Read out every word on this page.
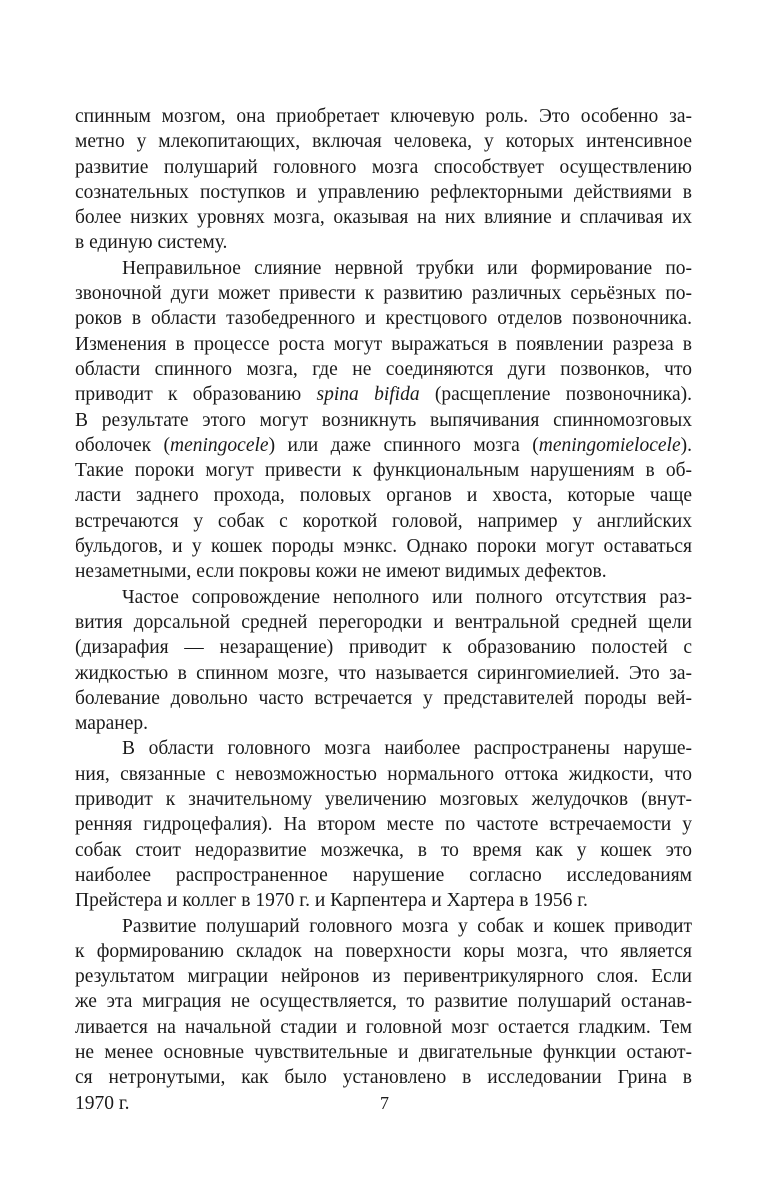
спинным мозгом, она приобретает ключевую роль. Это особенно за-
метно у млекопитающих, включая человека, у которых интенсивное
развитие полушарий головного мозга способствует осуществлению
сознательных поступков и управлению рефлекторными действиями в
более низких уровнях мозга, оказывая на них влияние и сплачивая их
в единую систему.
Неправильное слияние нервной трубки или формирование по-
звоночной дуги может привести к развитию различных серьёзных по-
роков в области тазобедренного и крестцового отделов позвоночника.
Изменения в процессе роста могут выражаться в появлении разреза в
области спинного мозга, где не соединяются дуги позвонков, что
приводит к образованию spina bifida (расщепление позвоночника).
В результате этого могут возникнуть выпячивания спинномозговых
оболочек (meningocele) или даже спинного мозга (meningomielocele).
Такие пороки могут привести к функциональным нарушениям в об-
ласти заднего прохода, половых органов и хвоста, которые чаще
встречаются у собак с короткой головой, например у английских
бульдогов, и у кошек породы мэнкс. Однако пороки могут оставаться
незаметными, если покровы кожи не имеют видимых дефектов.
Частое сопровождение неполного или полного отсутствия раз-
вития дорсальной средней перегородки и вентральной средней щели
(дизарафия — незаращение) приводит к образованию полостей с
жидкостью в спинном мозге, что называется сирингомиелией. Это за-
болевание довольно часто встречается у представителей породы вей-
маранер.
В области головного мозга наиболее распространены наруше-
ния, связанные с невозможностью нормального оттока жидкости, что
приводит к значительному увеличению мозговых желудочков (внут-
ренняя гидроцефалия). На втором месте по частоте встречаемости у
собак стоит недоразвитие мозжечка, в то время как у кошек это
наиболее распространенное нарушение согласно исследованиям
Прейстера и коллег в 1970 г. и Карпентера и Хартера в 1956 г.
Развитие полушарий головного мозга у собак и кошек приводит
к формированию складок на поверхности коры мозга, что является
результатом миграции нейронов из перивентрикулярного слоя. Если
же эта миграция не осуществляется, то развитие полушарий останав-
ливается на начальной стадии и головной мозг остается гладким. Тем
не менее основные чувствительные и двигательные функции остают-
ся нетронутыми, как было установлено в исследовании Грина в
1970 г.	7
